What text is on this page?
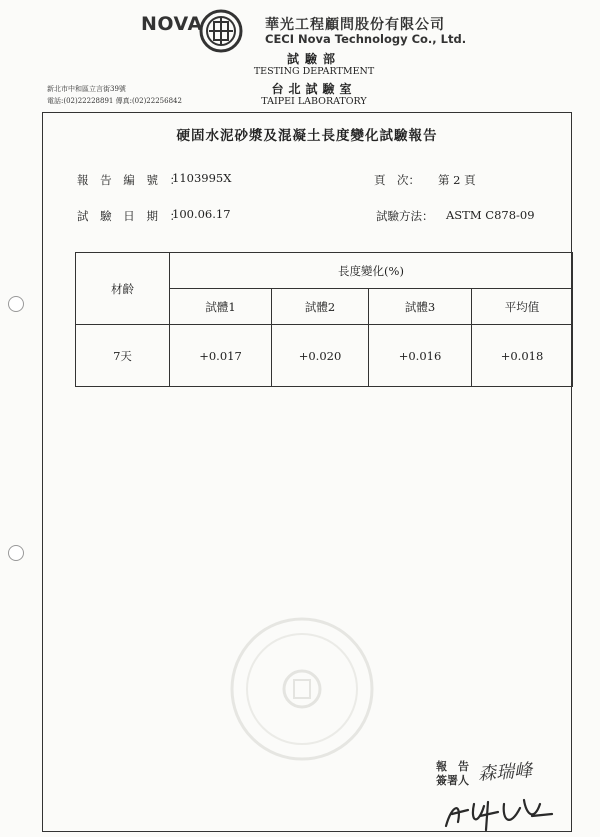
NOVA	華光工程顧問股份有限公司
CECI Nova Technology Co., Ltd.
試驗部
TESTING DEPARTMENT
台北試驗室
TAIPEI LABORATORY
新北市中和區立言街39號
電話:(02)22228891 傳真:(02)22256842
硬固水泥砂漿及混凝土長度變化試驗報告
報 告 編 號 ：
1103995X	頁　次： 第 2 頁
試 驗 日 期 ：
100.06.17	試驗方法： ASTM C878-09
材齡	長度變化(%)			
	試體1	試體2	試體3	平均值
7天	+0.017	+0.020	+0.016	+0.018
報　告
簽署人 森瑞峰
